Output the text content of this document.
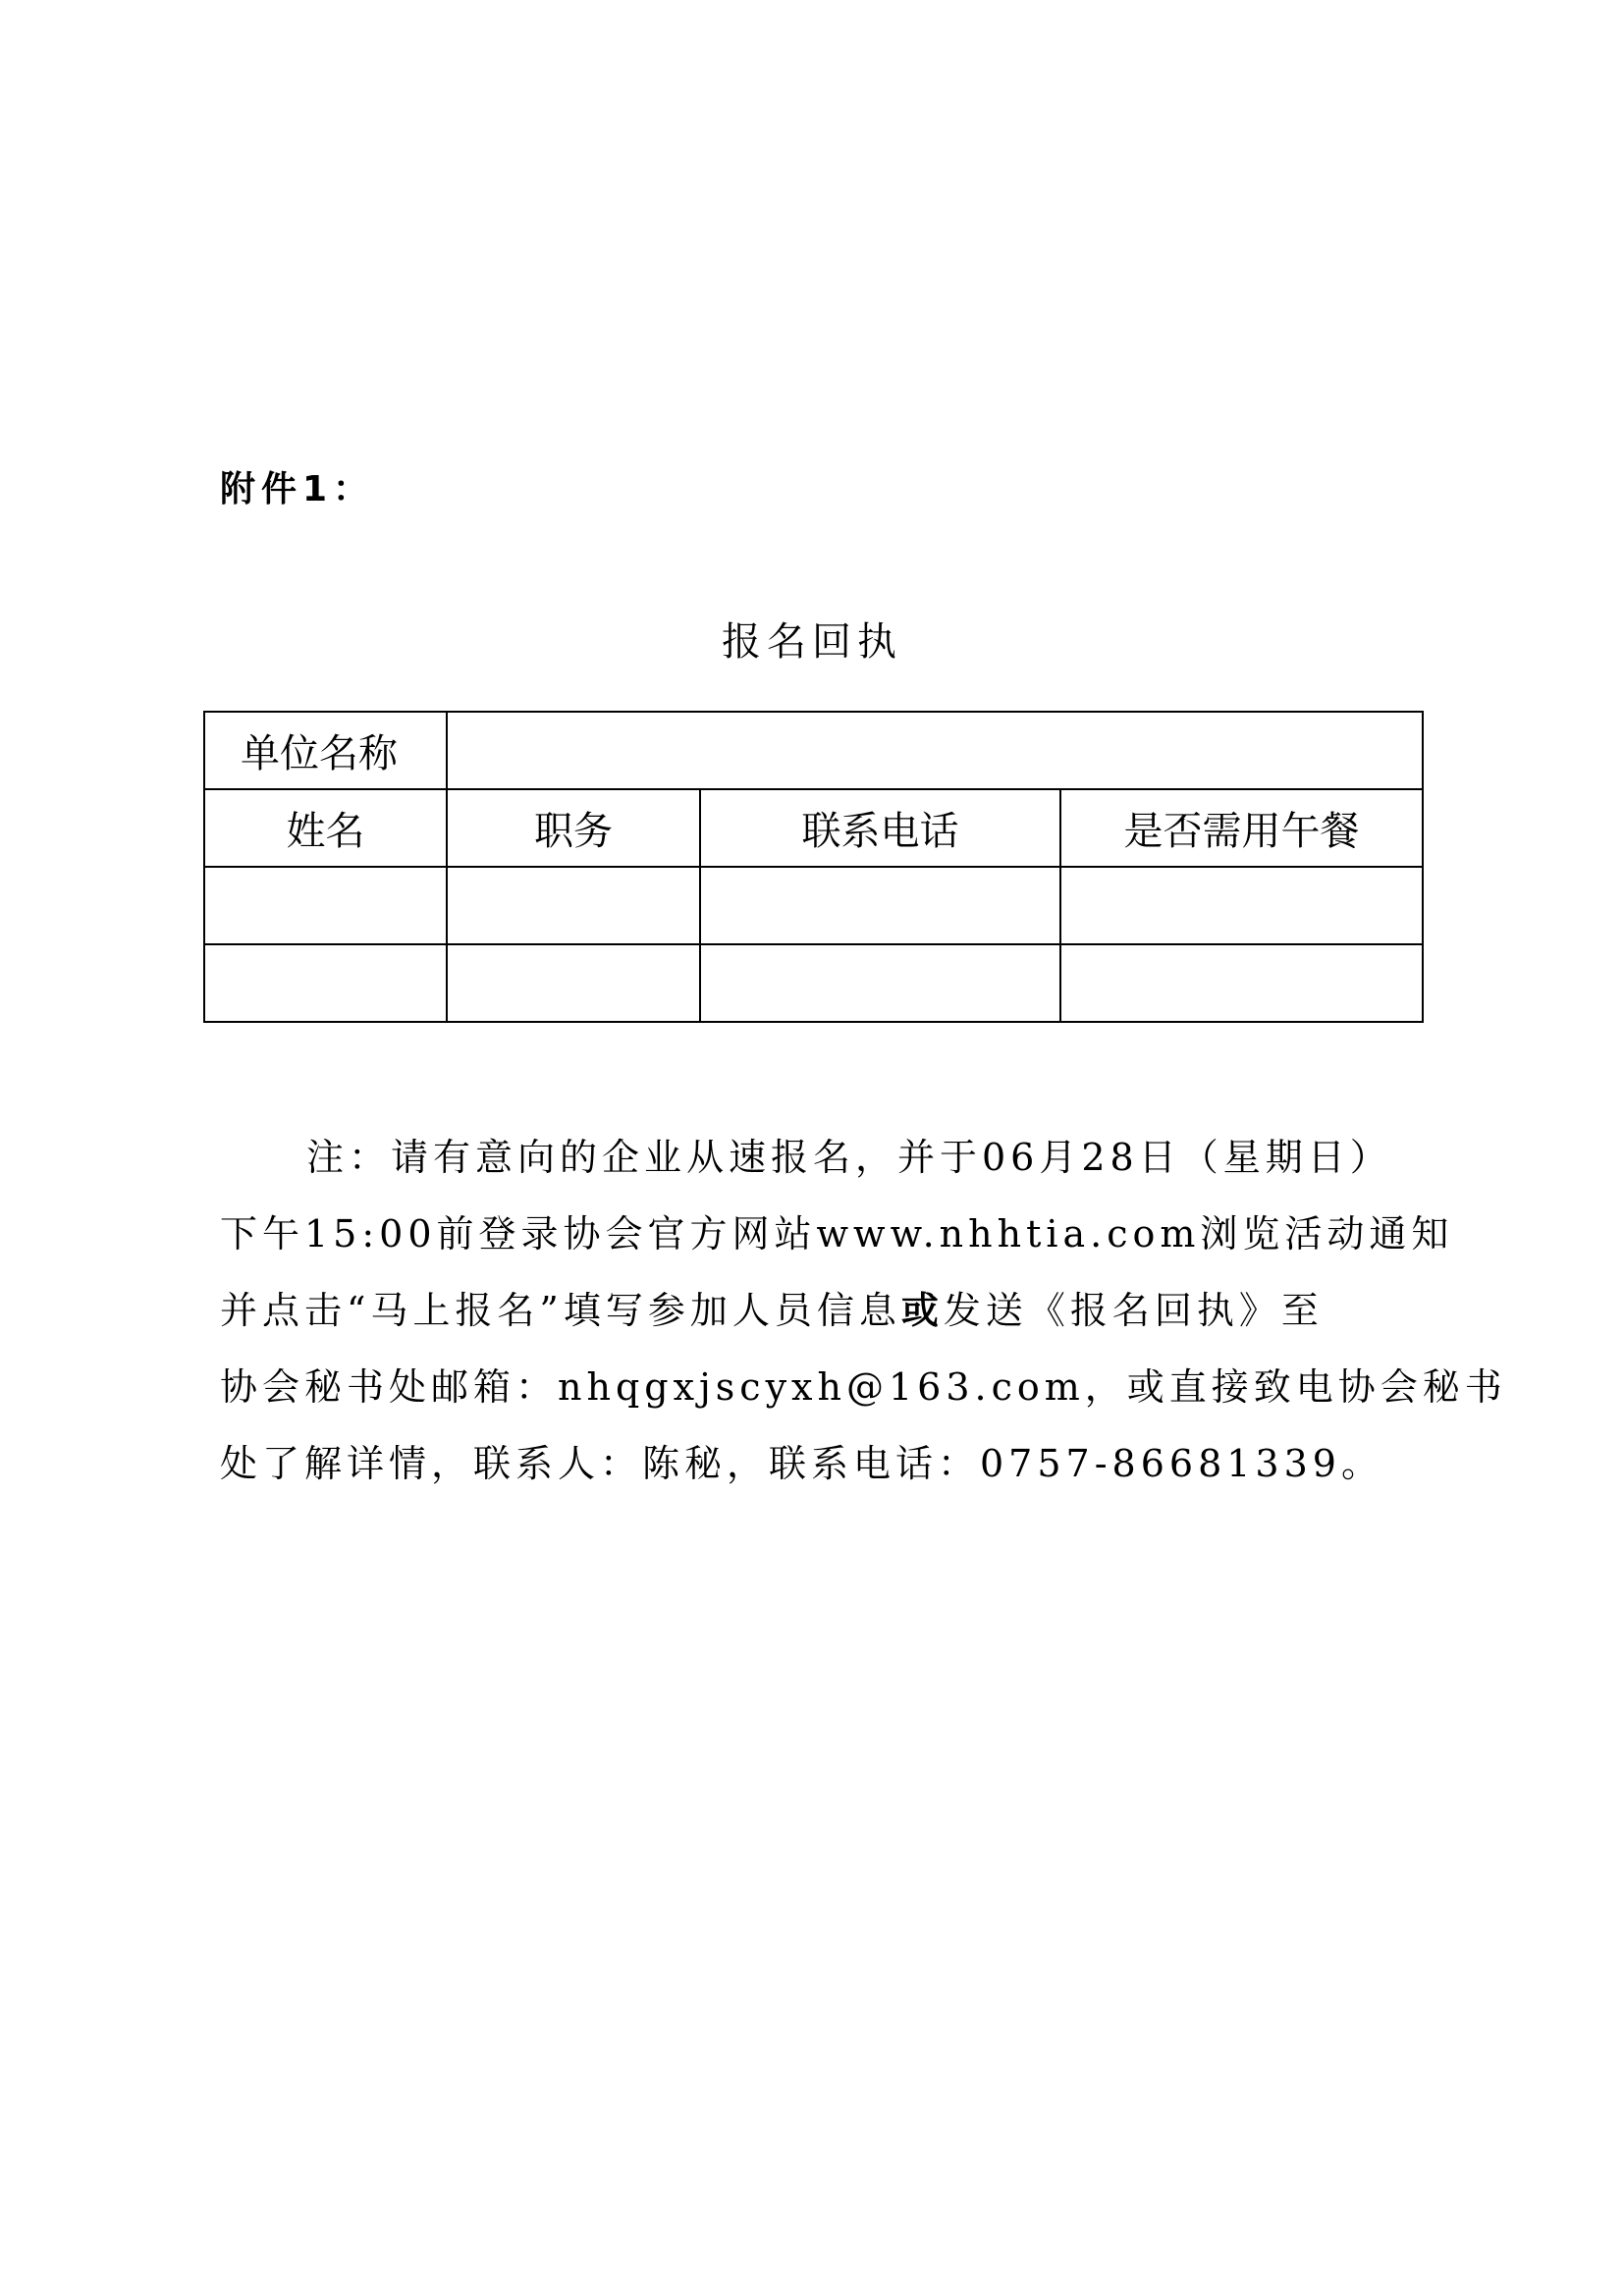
附件1：
报名回执
单位名称			
姓名	职务	联系电话	是否需用午餐

注：请有意向的企业从速报名，并于06月28日（星期日）
下午15:00前登录协会官方网站www.nhhtia.com浏览活动通知
并点击“马上报名”填写参加人员信息或发送《报名回执》至
协会秘书处邮箱：nhqgxjscyxh@163.com，或直接致电协会秘书
处了解详情，联系人：陈秘，联系电话：0757-86681339。
